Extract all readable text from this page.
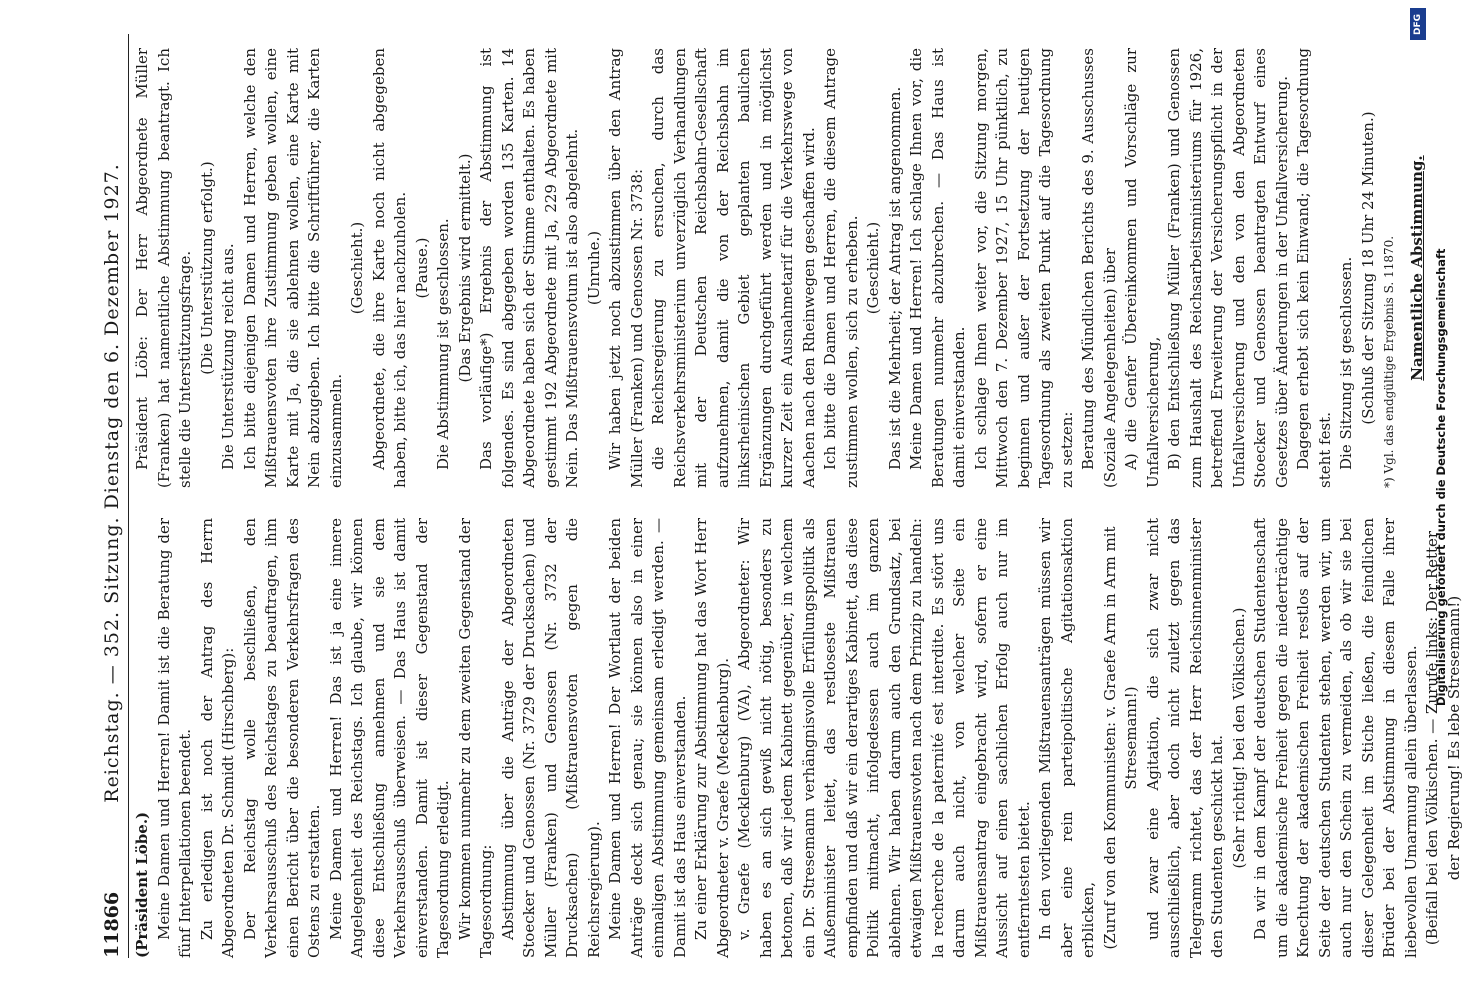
11866
Reichstag. — 352. Sitzung. Dienstag den 6. Dezember 1927.

(Präsident Löbe.) Meine Damen und Herren! Damit ist die Beratung der fünf Interpellationen beendet. Zu erledigen ist noch der Antrag des Herrn Abgeordneten Dr. Schmidt (Hirschberg): Der Reichstag wolle beschließen, den Verkehrsausschuß des Reichstages zu beauftragen, ihm einen Bericht über die besonderen Verkehrsfragen des Ostens zu erstatten. Meine Damen und Herren! Das ist ja eine innere Angelegenheit des Reichstags. Ich glaube, wir können diese Entschließung annehmen und sie dem Verkehrsausschuß überweisen. — Das Haus ist damit einverstanden. Damit ist dieser Gegenstand der Tagesordnung erledigt. Wir kommen nunmehr zu dem zweiten Gegenstand der Tagesordnung: Abstimmung über die Anträge der Abgeordneten Stoecker und Genossen (Nr. 3729 der Drucksachen) und Müller (Franken) und Genossen (Nr. 3732 der Drucksachen) (Mißtrauensvoten gegen die Reichsregierung). Meine Damen und Herren! Der Wortlaut der beiden Anträge deckt sich genau; sie können also in einer einmaligen Abstimmung gemeinsam erledigt werden. — Damit ist das Haus einverstanden. Zu einer Erklärung zur Abstimmung hat das Wort Herr Abgeordneter v. Graefe (Mecklenburg). v. Graefe (Mecklenburg) (VA), Abgeordneter: Wir haben es an sich gewiß nicht nötig, besonders zu betonen, daß wir jedem Kabinett gegenüber, in welchem ein Dr. Stresemann verhängnisvolle Erfüllungspolitik als Außenminister leitet, das restloseste Mißtrauen empfinden und daß wir ein derartiges Kabinett, das diese Politik mitmacht, infolgedessen auch im ganzen ablehnen. Wir haben darum auch den Grundsatz, bei etwaigen Mißtrauensvoten nach dem Prinzip zu handeln: la recherche de la paternité est interdite. Es stört uns darum auch nicht, von welcher Seite ein Mißtrauensantrag eingebracht wird, sofern er eine Aussicht auf einen sachlichen Erfolg auch nur im entferntesten bietet. In den vorliegenden Mißtrauensanträgen müssen wir aber eine rein parteipolitische Agitationsaktion erblicken, (Zuruf von den Kommunisten: v. Graefe Arm in Arm mit Stresemann!) und zwar eine Agitation, die sich zwar nicht ausschließlich, aber doch nicht zuletzt gegen das Telegramm richtet, das der Herr Reichsinnenminister den Studenten geschickt hat. (Sehr richtig! bei den Völkischen.) Da wir in dem Kampf der deutschen Studentenschaft um die akademische Freiheit gegen die niederträchtige Knechtung der akademischen Freiheit restlos auf der Seite der deutschen Studenten stehen, werden wir, um auch nur den Schein zu vermeiden, als ob wir sie bei dieser Gelegenheit im Stiche ließen, die feindlichen Brüder bei der Abstimmung in diesem Falle ihrer liebevollen Umarmung allein überlassen. (Beifall bei den Völkischen. — Zurufe links: Der Retter der Regierung! Es lebe Stresemann!)

Präsident Löbe: Der Herr Abgeordnete Müller (Franken) hat namentliche Abstimmung beantragt. Ich stelle die Unterstützungsfrage. (Die Unterstützung erfolgt.) Die Unterstützung reicht aus. Ich bitte diejenigen Damen und Herren, welche den Mißtrauensvoten ihre Zustimmung geben wollen, eine Karte mit Ja, die sie ablehnen wollen, eine Karte mit Nein abzugeben. Ich bitte die Schriftführer, die Karten einzusammeln.

(Geschieht.) Abgeordnete, die ihre Karte noch nicht abgegeben haben, bitte ich, das hier nachzuholen. (Pause.) Die Abstimmung ist geschlossen. (Das Ergebnis wird ermittelt.) Das vorläufige*) Ergebnis der Abstimmung ist folgendes. Es sind abgegeben worden 135 Karten. 14 Abgeordnete haben sich der Stimme enthalten. Es haben gestimmt 192 Abgeordnete mit Ja, 229 Abgeordnete mit Nein. Das Mißtrauensvotum ist also abgelehnt. (Unruhe.) Wir haben jetzt noch abzustimmen über den Antrag Müller (Franken) und Genossen Nr. 3738: die Reichsregierung zu ersuchen, durch das Reichsverkehrsministerium unverzüglich Verhandlungen mit der Deutschen Reichsbahn-Gesellschaft aufzunehmen, damit die von der Reichsbahn im linksrheinischen Gebiet geplanten baulichen Ergänzungen durchgeführt werden und in möglichst kurzer Zeit ein Ausnahmetarif für die Verkehrswege von Aachen nach den Rheinwegen geschaffen wird. Ich bitte die Damen und Herren, die diesem Antrage zustimmen wollen, sich zu erheben. (Geschieht.) Das ist die Mehrheit; der Antrag ist angenommen. Meine Damen und Herren! Ich schlage Ihnen vor, die Beratungen nunmehr abzubrechen. — Das Haus ist damit einverstanden. Ich schlage Ihnen weiter vor, die Sitzung morgen, Mittwoch den 7. Dezember 1927, 15 Uhr pünktlich, zu beginnen und außer der Fortsetzung der heutigen Tagesordnung als zweiten Punkt auf die Tagesordnung zu setzen: Beratung des Mündlichen Berichts des 9. Ausschusses (Soziale Angelegenheiten) über A) die Genfer Übereinkommen und Vorschläge zur Unfallversicherung, B) den Entschließung Müller (Franken) und Genossen zum Haushalt des Reichsarbeitsministeriums für 1926, betreffend Erweiterung der Versicherungspflicht in der Unfallversicherung und den von den Abgeordneten Stoecker und Genossen beantragten Entwurf eines Gesetzes über Änderungen in der Unfallversicherung. Dagegen erhebt sich kein Einwand; die Tagesordnung steht fest. Die Sitzung ist geschlossen. (Schluß der Sitzung 18 Uhr 24 Minuten.) *) Vgl. das endgültige Ergebnis S. 11870. Namentliche Abstimmung.

DFG
Digitalisierung gefördert durch die Deutsche Forschungsgemeinschaft
